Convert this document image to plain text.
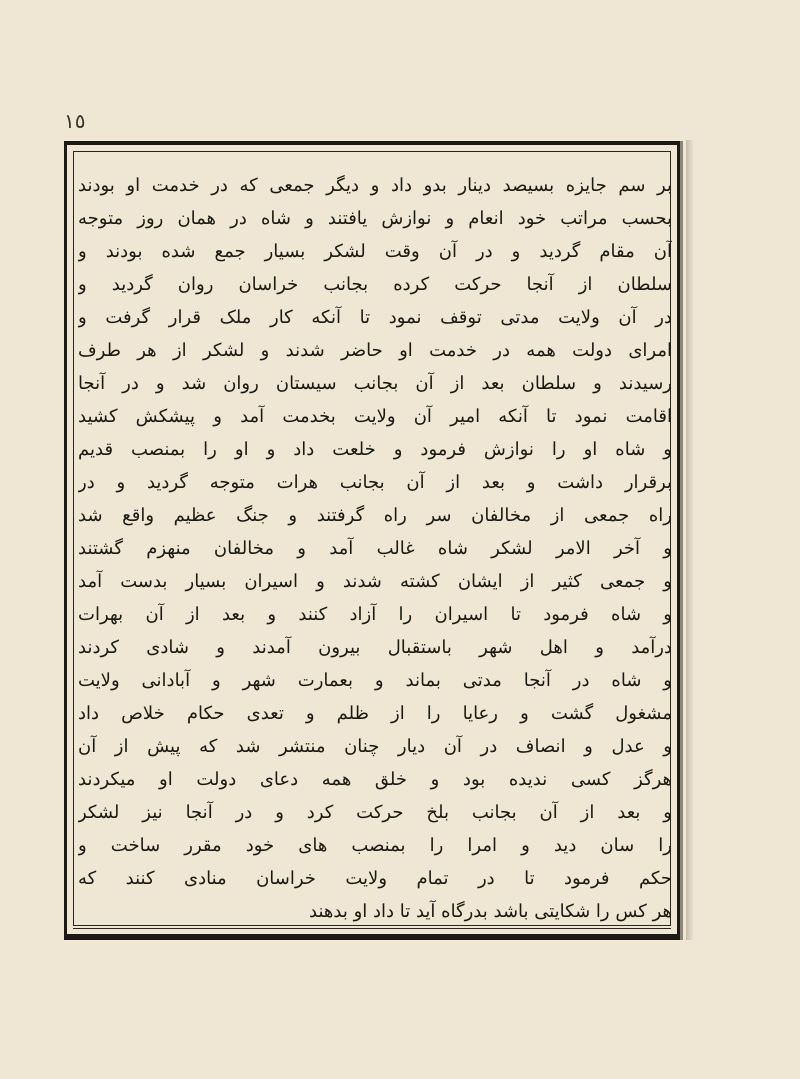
١٥
بر سم جایزه بسیصد دینار بدو داد و دیگر جمعی که در خدمت او بودند
بحسب مراتب خود انعام و نوازش یافتند و شاه در همان روز متوجه
آن مقام گردید و در آن وقت لشکر بسیار جمع شده بودند و
سلطان از آنجا حرکت کرده بجانب خراسان روان گردید و
در آن ولایت مدتی توقف نمود تا آنکه کار ملک قرار گرفت و
امرای دولت همه در خدمت او حاضر شدند و لشکر از هر طرف
رسیدند و سلطان بعد از آن بجانب سیستان روان شد و در آنجا
اقامت نمود تا آنکه امیر آن ولایت بخدمت آمد و پیشکش کشید
و شاه او را نوازش فرمود و خلعت داد و او را بمنصب قدیم
برقرار داشت و بعد از آن بجانب هرات متوجه گردید و در
راه جمعی از مخالفان سر راه گرفتند و جنگ عظیم واقع شد
و آخر الامر لشکر شاه غالب آمد و مخالفان منهزم گشتند
و جمعی کثیر از ایشان کشته شدند و اسیران بسیار بدست آمد
و شاه فرمود تا اسیران را آزاد کنند و بعد از آن بهرات
درآمد و اهل شهر باستقبال بیرون آمدند و شادی کردند
و شاه در آنجا مدتی بماند و بعمارت شهر و آبادانی ولایت
مشغول گشت و رعایا را از ظلم و تعدی حکام خلاص داد
و عدل و انصاف در آن دیار چنان منتشر شد که پیش از آن
هرگز کسی ندیده بود و خلق همه دعای دولت او میکردند
و بعد از آن بجانب بلخ حرکت کرد و در آنجا نیز لشکر
را سان دید و امرا را بمنصب های خود مقرر ساخت و
حکم فرمود تا در تمام ولایت خراسان منادی کنند که
هر کس را شکایتی باشد بدرگاه آید تا داد او بدهند
